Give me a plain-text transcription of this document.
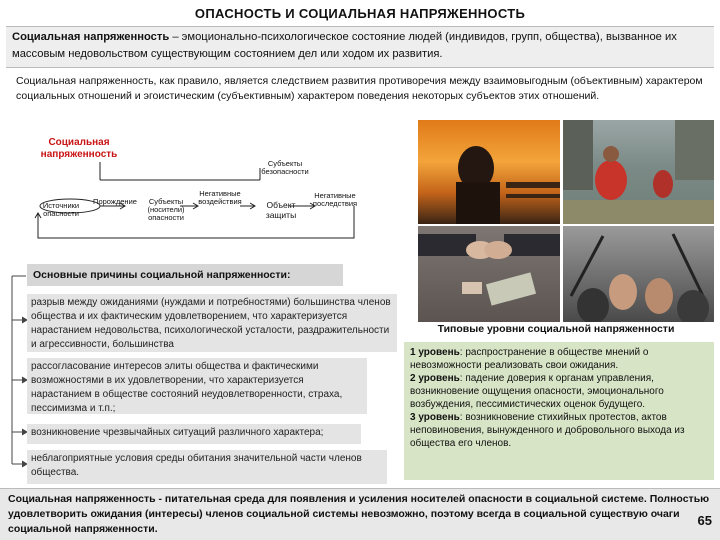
ОПАСНОСТЬ И СОЦИАЛЬНАЯ НАПРЯЖЕННОСТЬ
Социальная напряженность – эмоционально-психологическое состояние людей (индивидов, групп, общества), вызванное их массовым недовольством существующим состоянием дел или ходом их развития.
Социальная напряженность, как правило, является следствием развития противоречия между взаимовыгодным (объективным) характером социальных отношений и эгоистическим (субъективным) характером поведения некоторых субъектов этих отношений.
Социальная напряженность
Субъекты безопасности
Источники опасности
Порождение	Субъекты (носители) опасности
Негативные воздействия	Объект защиты
Негативные последствия
Основные причины социальной напряженности:
разрыв между ожиданиями (нуждами и потребностями) большинства членов общества и их фактическим удовлетворением, что характеризуется нарастанием недовольства, психологической усталости, раздражительности и агрессивности, большинства
рассогласование интересов элиты общества и фактическими возможностями в их удовлетворении, что характеризуется нарастанием в обществе состояний неудовлетворенности, страха, пессимизма и т.п.;
возникновение чрезвычайных ситуаций различного характера;
неблагоприятные условия среды обитания значительной части членов общества.
Типовые уровни социальной напряженности
1 уровень: распространение в обществе мнений о невозможности реализовать свои ожидания.
2 уровень: падение доверия к органам управления, возникновение ощущения опасности, эмоционального возбуждения, пессимистических оценок будущего.
3 уровень: возникновение стихийных протестов, актов неповиновения, вынужденного и добровольного выхода из общества его членов.
Социальная напряженность - питательная среда для появления и усиления носителей опасности в социальной системе. Полностью удовлетворить ожидания (интересы) членов социальной системы невозможно, поэтому всегда в социальной существую очаги социальной напряженности.
65
